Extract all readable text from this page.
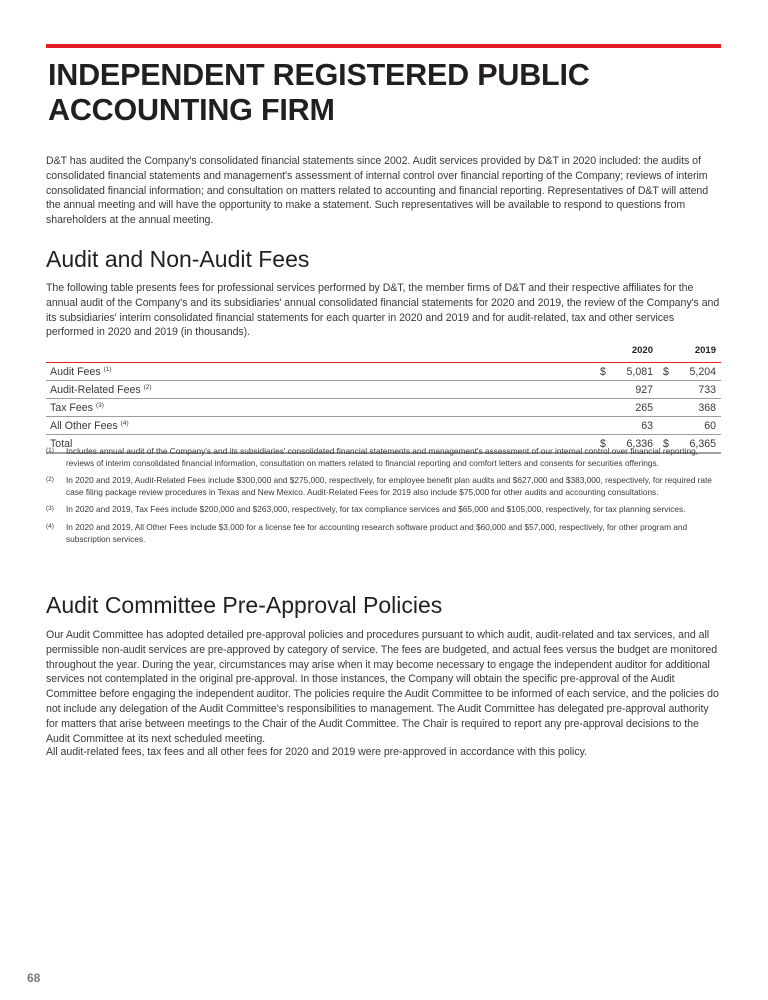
INDEPENDENT REGISTERED PUBLIC ACCOUNTING FIRM

D&T has audited the Company's consolidated financial statements since 2002. Audit services provided by D&T in 2020 included: the audits of consolidated financial statements and management's assessment of internal control over financial reporting of the Company; reviews of interim consolidated financial information; and consultation on matters related to accounting and financial reporting. Representatives of D&T will attend the annual meeting and will have the opportunity to make a statement. Such representatives will be available to respond to questions from shareholders at the annual meeting.

Audit and Non-Audit Fees

The following table presents fees for professional services performed by D&T, the member firms of D&T and their respective affiliates for the annual audit of the Company's and its subsidiaries' annual consolidated financial statements for 2020 and 2019, the review of the Company's and its subsidiaries' interim consolidated financial statements for each quarter in 2020 and 2019 and for audit-related, tax and other services performed in 2020 and 2019 (in thousands).

	2020	2019
Audit Fees $^{(1)}$	$ 5,081	$ 5,204
Audit-Related Fees $^{(2)}$	927	733
Tax Fees $^{(3)}$	265	368
All Other Fees $^{(4)}$	63	60
Total	$ 6,336	$ 6,365

(1) Includes annual audit of the Company's and its subsidiaries' consolidated financial statements and management's assessment of our internal control over financial reporting, reviews of interim consolidated financial information, consultation on matters related to financial reporting and comfort letters and consents for securities offerings.

(2) In 2020 and 2019, Audit-Related Fees include $300,000 and $275,000, respectively, for employee benefit plan audits and $627,000 and $383,000, respectively, for required rate case filing package review procedures in Texas and New Mexico. Audit-Related Fees for 2019 also include $75,000 for other audits and accounting consultations.

(3) In 2020 and 2019, Tax Fees include $200,000 and $263,000, respectively, for tax compliance services and $65,000 and $105,000, respectively, for tax planning services.

(4) In 2020 and 2019, All Other Fees include $3,000 for a license fee for accounting research software product and $60,000 and $57,000, respectively, for other program and subscription services.

Audit Committee Pre-Approval Policies

Our Audit Committee has adopted detailed pre-approval policies and procedures pursuant to which audit, audit-related and tax services, and all permissible non-audit services are pre-approved by category of service. The fees are budgeted, and actual fees versus the budget are monitored throughout the year. During the year, circumstances may arise when it may become necessary to engage the independent auditor for additional services not contemplated in the original pre-approval. In those instances, the Company will obtain the specific pre-approval of the Audit Committee before engaging the independent auditor. The policies require the Audit Committee to be informed of each service, and the policies do not include any delegation of the Audit Committee's responsibilities to management. The Audit Committee has delegated pre-approval authority for matters that arise between meetings to the Chair of the Audit Committee. The Chair is required to report any pre-approval decisions to the Audit Committee at its next scheduled meeting.

All audit-related fees, tax fees and all other fees for 2020 and 2019 were pre-approved in accordance with this policy.

68
